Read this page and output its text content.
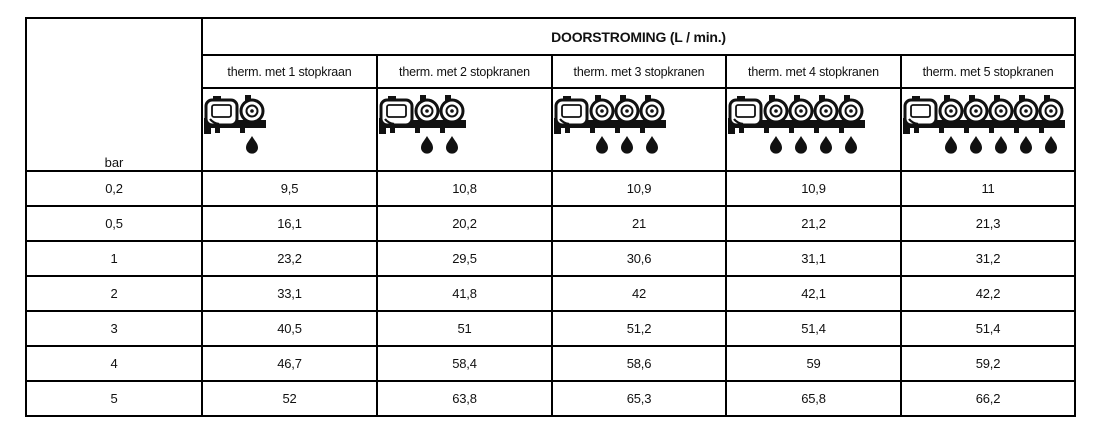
bar	DOORSTROMING (L / min.)				
	therm. met 1 stopkraan	therm. met 2 stopkranen	therm. met 3 stopkranen	therm. met 4 stopkranen	therm. met 5 stopkranen

0,2	9,5	10,8	10,9	10,9	11
0,5	16,1	20,2	21	21,2	21,3
1	23,2	29,5	30,6	31,1	31,2
2	33,1	41,8	42	42,1	42,2
3	40,5	51	51,2	51,4	51,4
4	46,7	58,4	58,6	59	59,2
5	52	63,8	65,3	65,8	66,2
